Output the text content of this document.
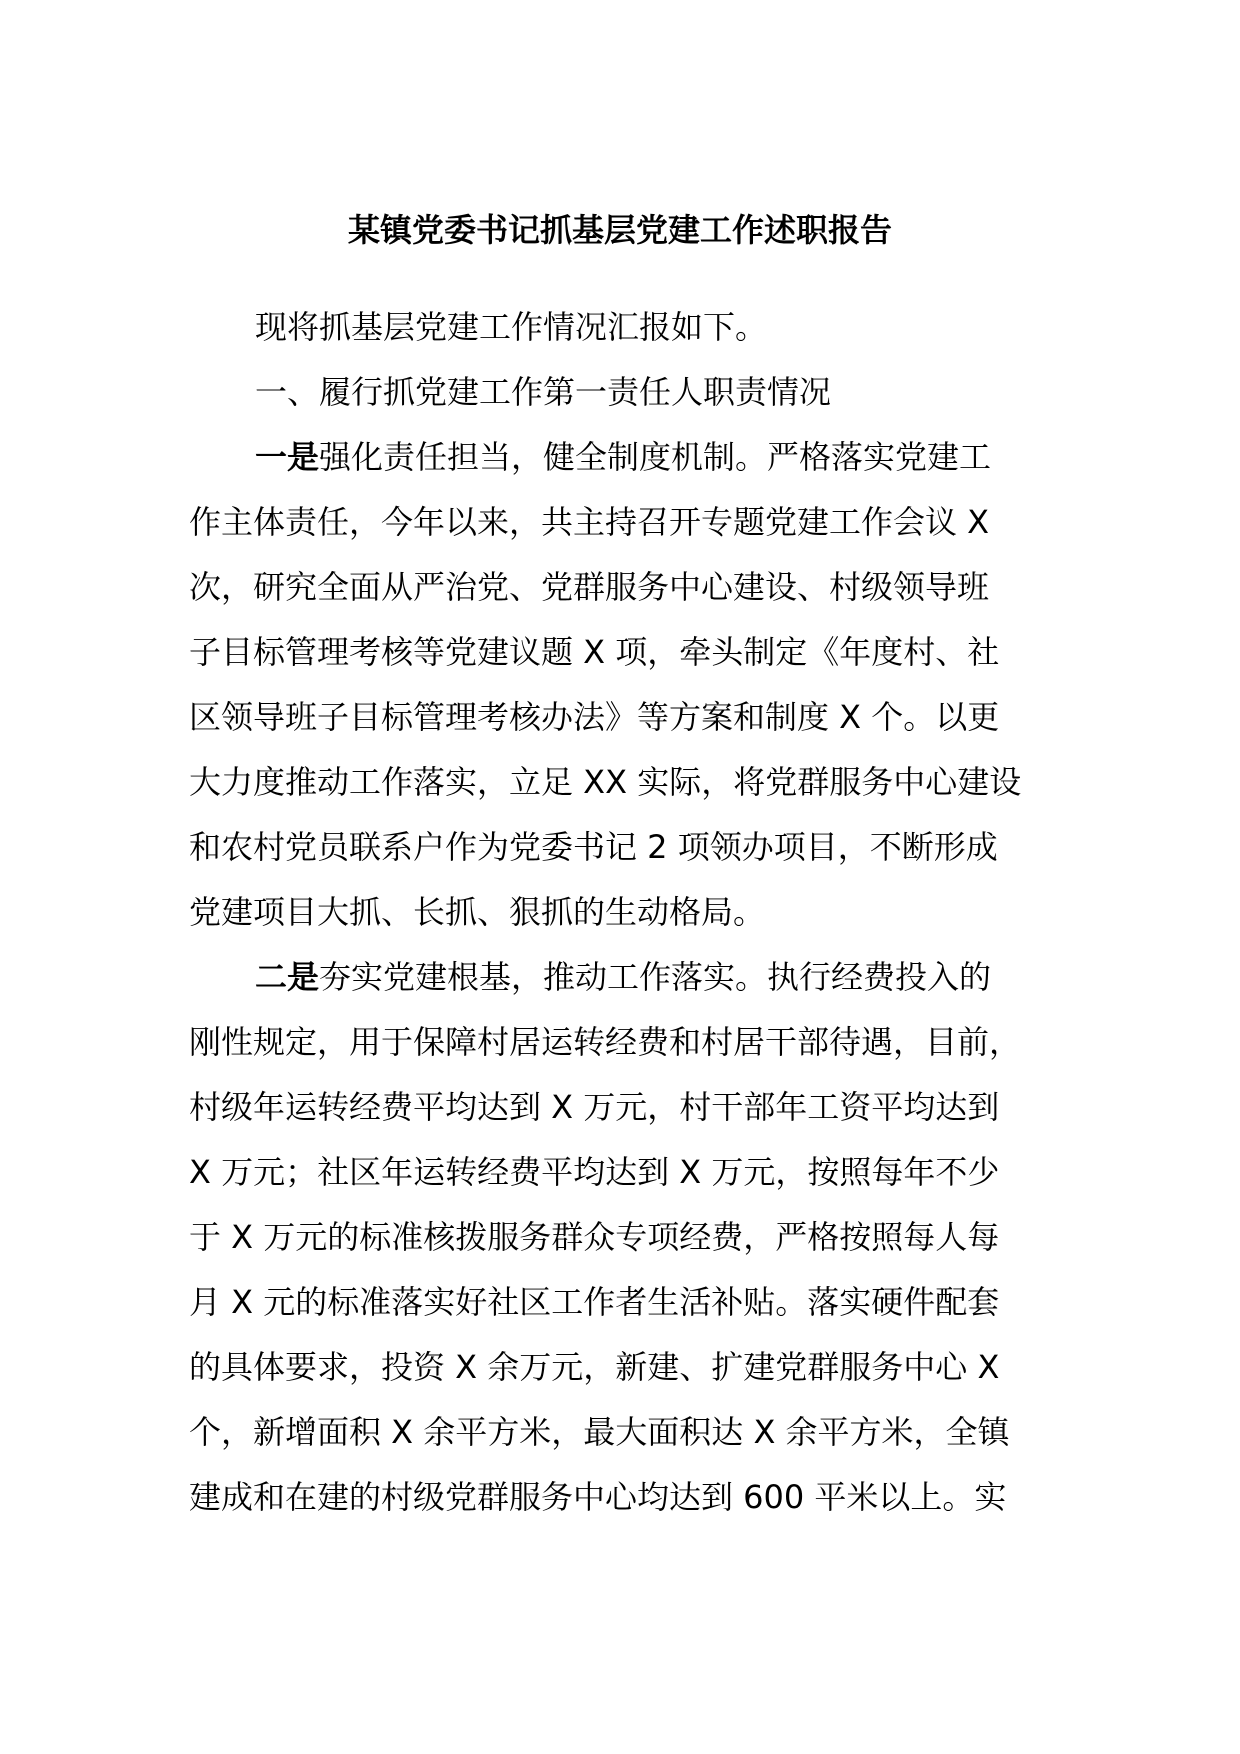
某镇党委书记抓基层党建工作述职报告
现将抓基层党建工作情况汇报如下。
一、履行抓党建工作第一责任人职责情况
一是强化责任担当，健全制度机制。严格落实党建工
作主体责任，今年以来，共主持召开专题党建工作会议 X
次，研究全面从严治党、党群服务中心建设、村级领导班
子目标管理考核等党建议题 X 项，牵头制定《年度村、社
区领导班子目标管理考核办法》等方案和制度 X 个。以更
大力度推动工作落实，立足 XX 实际，将党群服务中心建设
和农村党员联系户作为党委书记 2 项领办项目，不断形成
党建项目大抓、长抓、狠抓的生动格局。
二是夯实党建根基，推动工作落实。执行经费投入的
刚性规定，用于保障村居运转经费和村居干部待遇，目前，
村级年运转经费平均达到 X 万元，村干部年工资平均达到
X 万元；社区年运转经费平均达到 X 万元，按照每年不少
于 X 万元的标准核拨服务群众专项经费，严格按照每人每
月 X 元的标准落实好社区工作者生活补贴。落实硬件配套
的具体要求，投资 X 余万元，新建、扩建党群服务中心 X
个，新增面积 X 余平方米，最大面积达 X 余平方米，全镇
建成和在建的村级党群服务中心均达到 600 平米以上。实
